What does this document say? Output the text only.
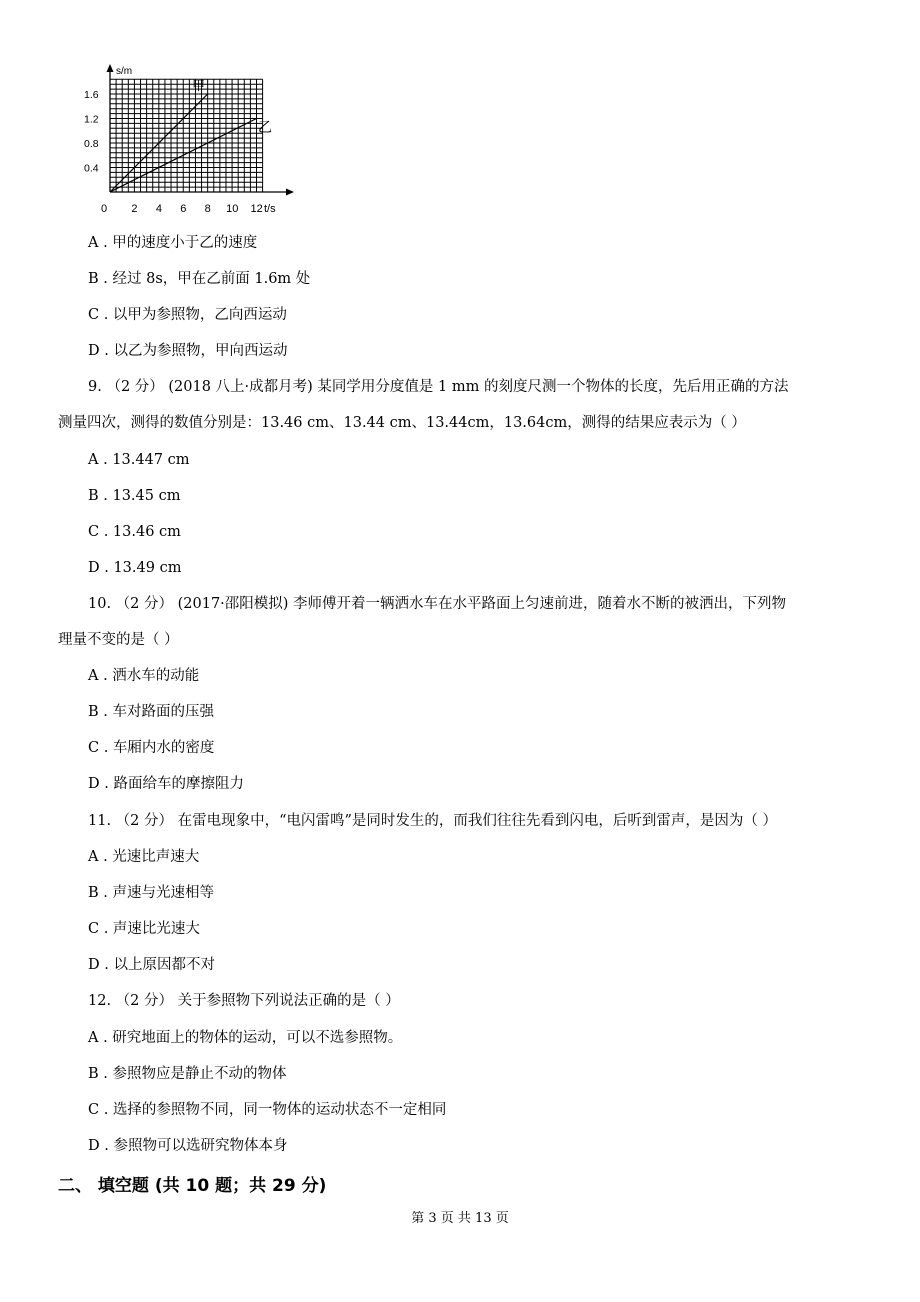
s/m
t/s
1.6
1.2
0.8
0.4
0 2 4 6 8 10 12
甲
乙
A . 甲的速度小于乙的速度
B . 经过 8s，甲在乙前面 1.6m 处
C . 以甲为参照物，乙向西运动
D . 以乙为参照物，甲向西运动
9. （2 分） (2018 八上·成都月考) 某同学用分度值是 1 mm 的刻度尺测一个物体的长度，先后用正确的方法
测量四次，测得的数值分别是：13.46 cm、13.44 cm、13.44cm，13.64cm，测得的结果应表示为（ ）
A . 13.447 cm
B . 13.45 cm
C . 13.46 cm
D . 13.49 cm
10. （2 分） (2017·邵阳模拟) 李师傅开着一辆洒水车在水平路面上匀速前进，随着水不断的被洒出，下列物
理量不变的是（ ）
A . 洒水车的动能
B . 车对路面的压强
C . 车厢内水的密度
D . 路面给车的摩擦阻力
11. （2 分） 在雷电现象中，“电闪雷鸣”是同时发生的，而我们往往先看到闪电，后听到雷声，是因为（ ）
A . 光速比声速大
B . 声速与光速相等
C . 声速比光速大
D . 以上原因都不对
12. （2 分） 关于参照物下列说法正确的是（ ）
A . 研究地面上的物体的运动，可以不选参照物。
B . 参照物应是静止不动的物体
C . 选择的参照物不同，同一物体的运动状态不一定相同
D . 参照物可以选研究物体本身
二、 填空题 (共 10 题；共 29 分)
第 3 页 共 13 页
